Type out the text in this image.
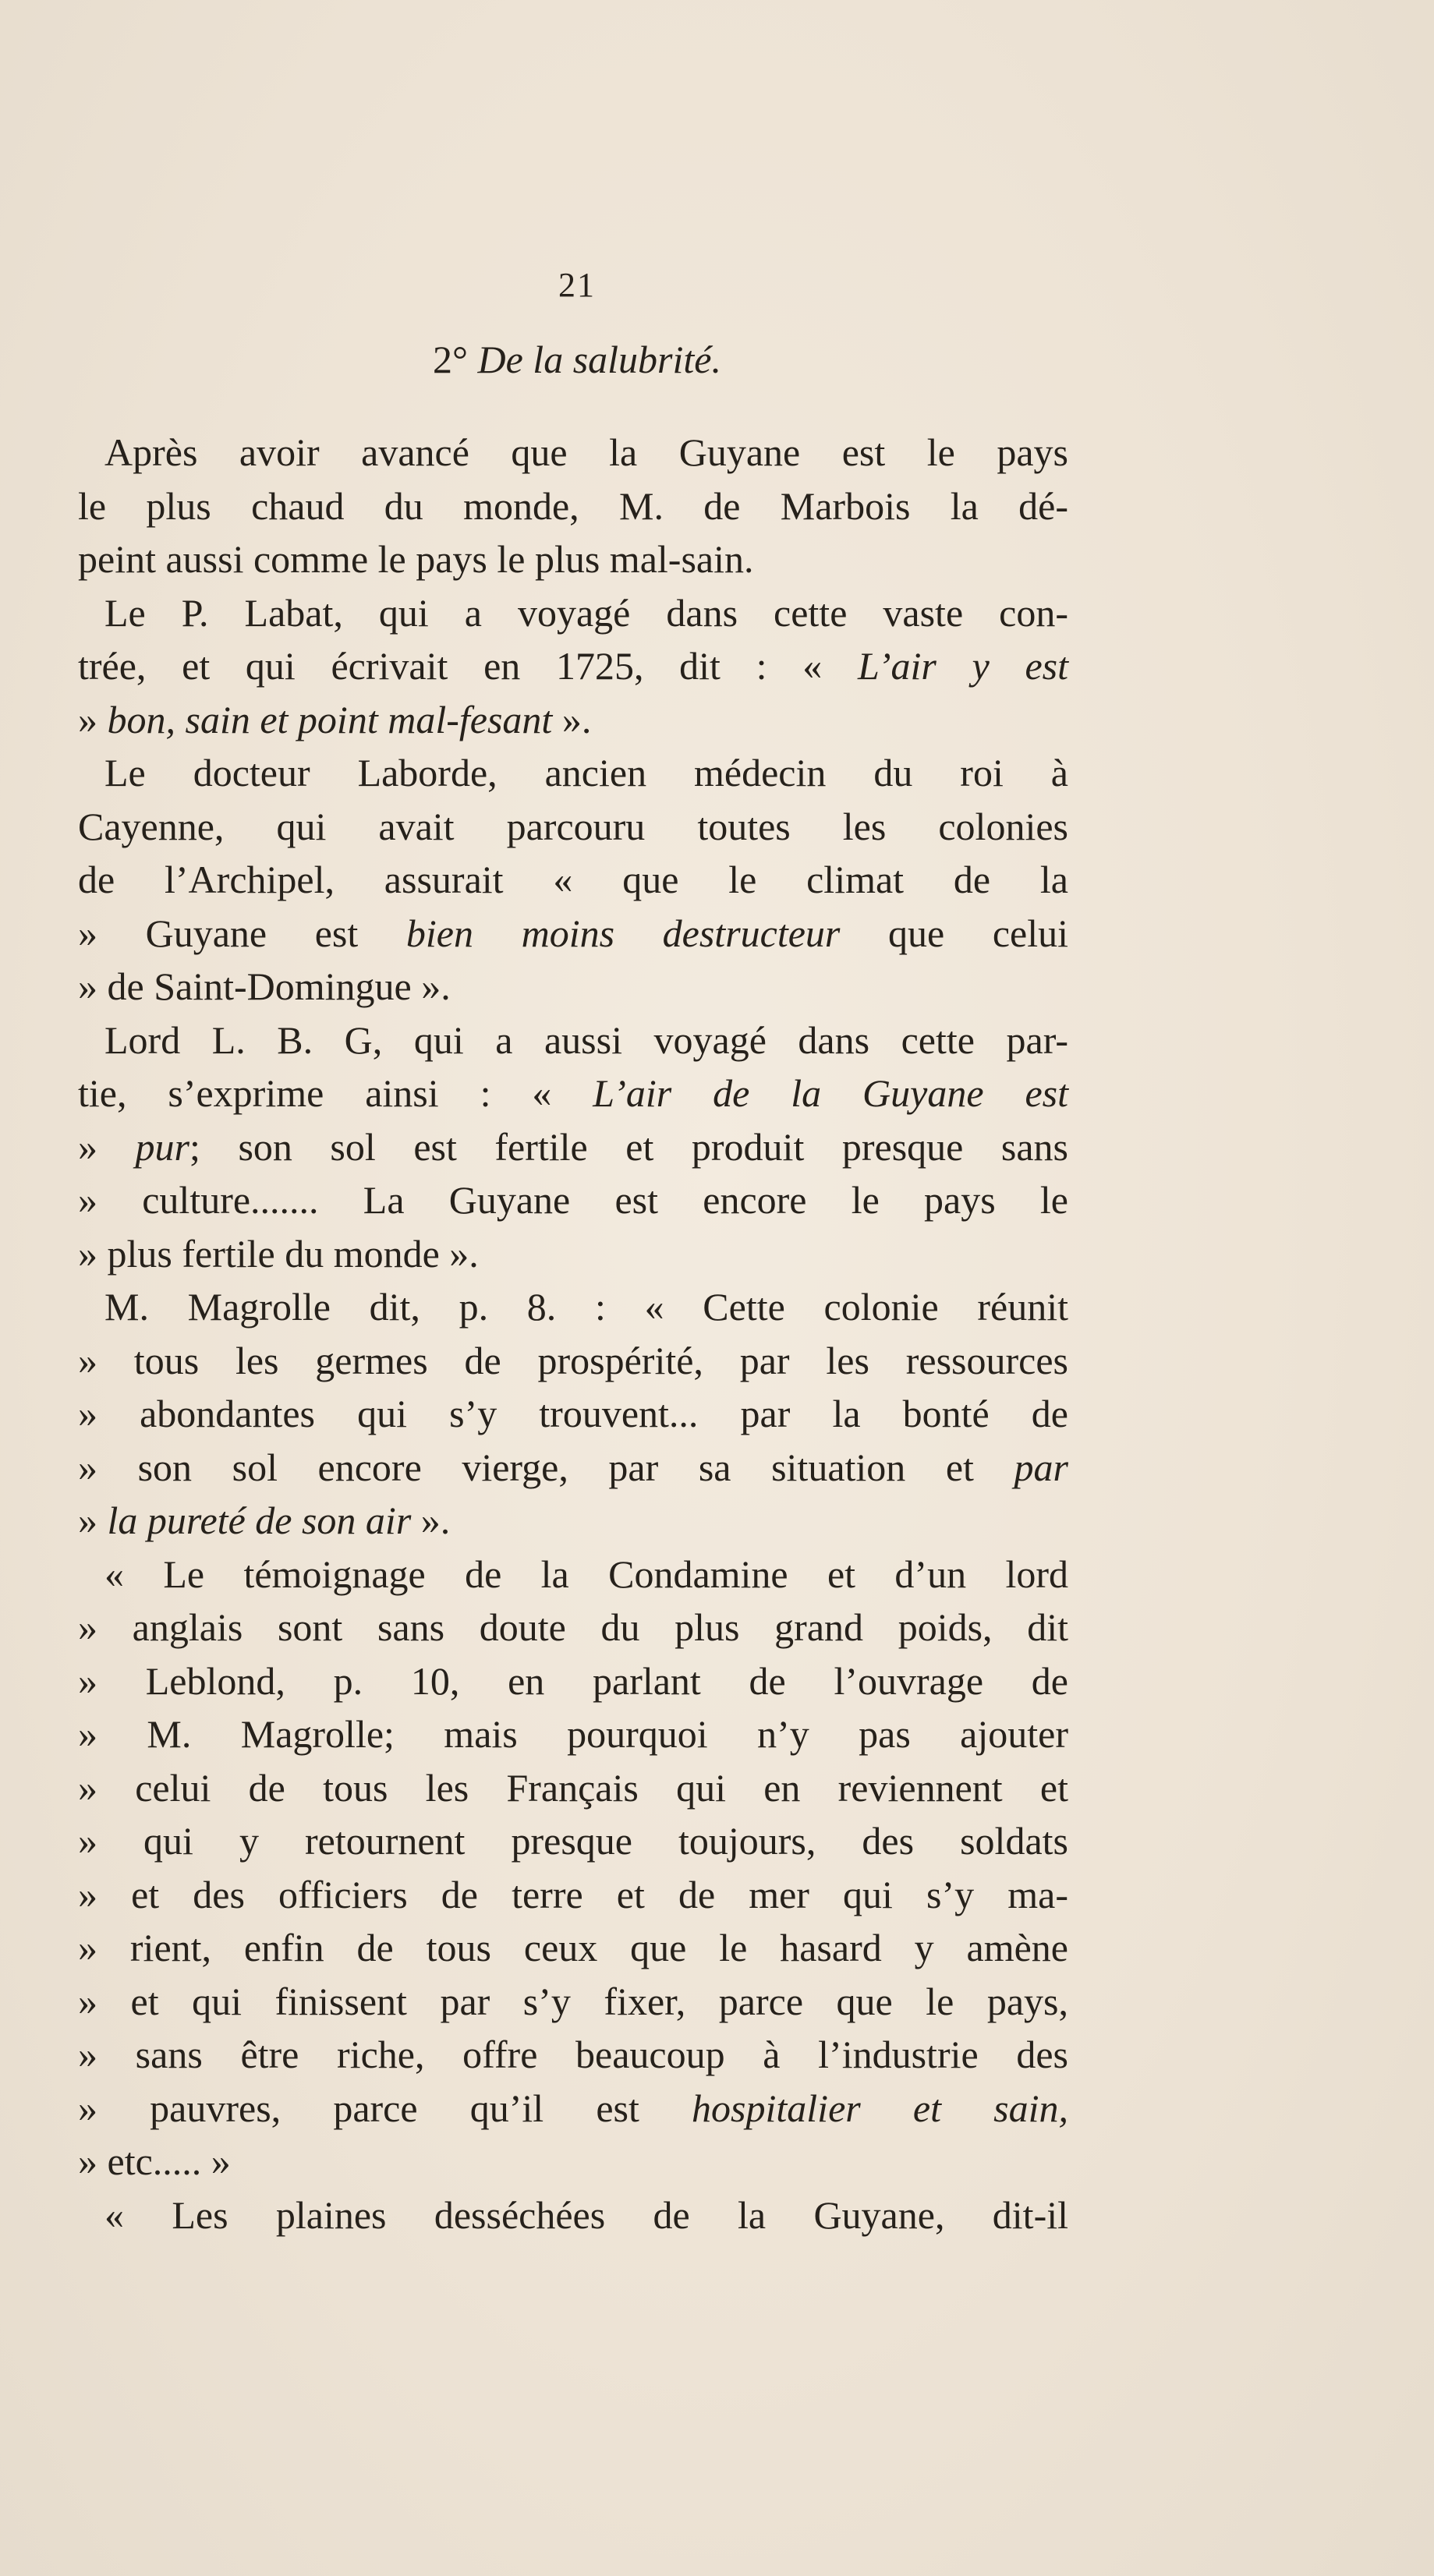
21
2° De la salubrité.
Après avoir avancé que la Guyane est le pays
le plus chaud du monde, M. de Marbois la dé-
peint aussi comme le pays le plus mal-sain.
Le P. Labat, qui a voyagé dans cette vaste con-
trée, et qui écrivait en 1725, dit : « L’air y est
» bon, sain et point mal-fesant ».
Le docteur Laborde, ancien médecin du roi à
Cayenne, qui avait parcouru toutes les colonies
de l’Archipel, assurait « que le climat de la
» Guyane est bien moins destructeur que celui
» de Saint-Domingue ».
Lord L. B. G, qui a aussi voyagé dans cette par-
tie, s’exprime ainsi : « L’air de la Guyane est
» pur; son sol est fertile et produit presque sans
» culture....... La Guyane est encore le pays le
» plus fertile du monde ».
M. Magrolle dit, p. 8. : « Cette colonie réunit
» tous les germes de prospérité, par les ressources
» abondantes qui s’y trouvent... par la bonté de
» son sol encore vierge, par sa situation et par
» la pureté de son air ».
« Le témoignage de la Condamine et d’un lord
» anglais sont sans doute du plus grand poids, dit
» Leblond, p. 10, en parlant de l’ouvrage de
» M. Magrolle; mais pourquoi n’y pas ajouter
» celui de tous les Français qui en reviennent et
» qui y retournent presque toujours, des soldats
» et des officiers de terre et de mer qui s’y ma-
» rient, enfin de tous ceux que le hasard y amène
» et qui finissent par s’y fixer, parce que le pays,
» sans être riche, offre beaucoup à l’industrie des
» pauvres, parce qu’il est hospitalier et sain,
» etc..... »
« Les plaines desséchées de la Guyane, dit-il
